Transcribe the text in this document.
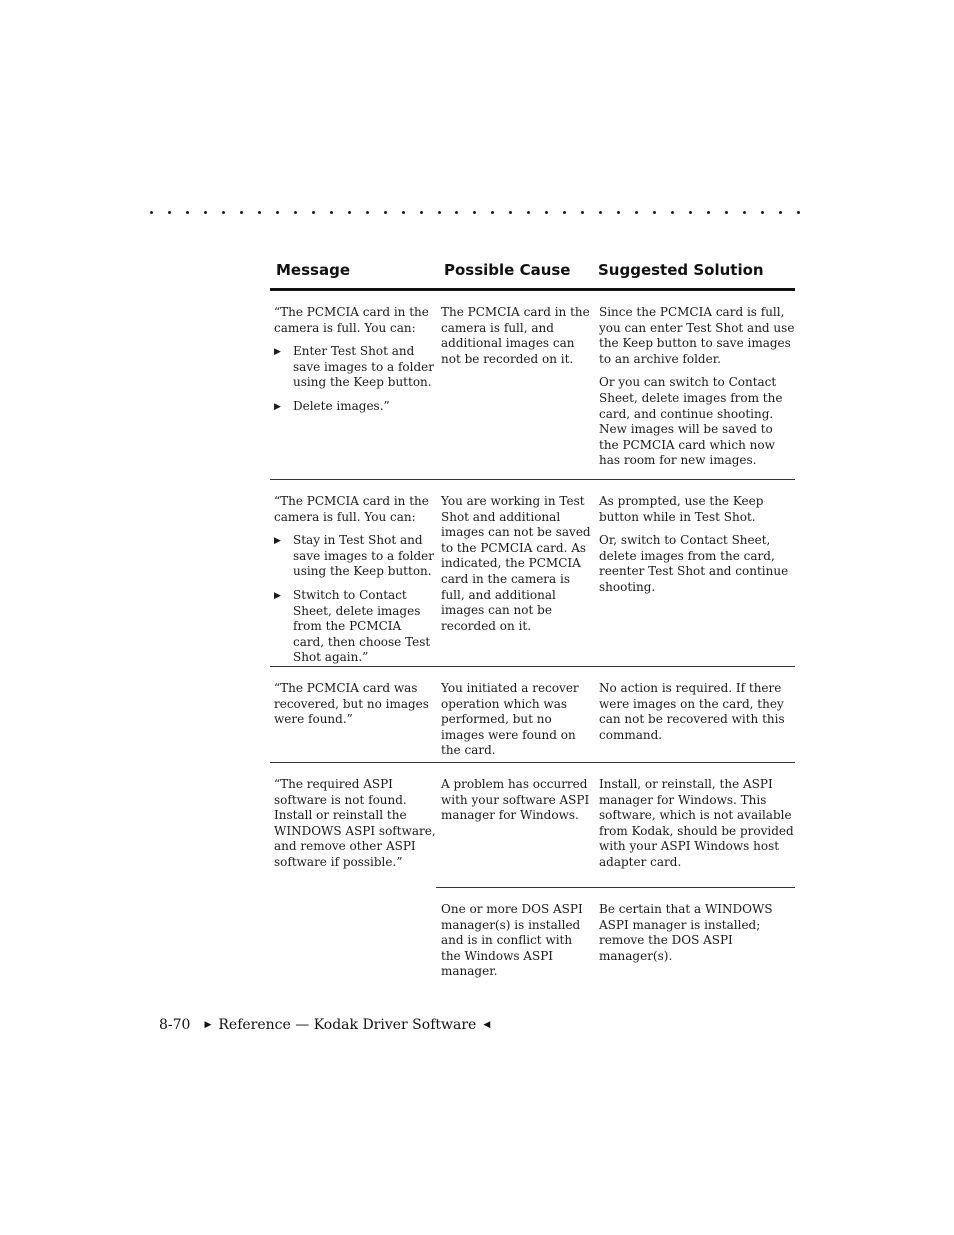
Message	Possible Cause	Suggested Solution
“The PCMCIA card in the camera is full. You can:
▶ Enter Test Shot and save images to a folder using the Keep button.
▶ Delete images.”
The PCMCIA card in the camera is full, and additional images can not be recorded on it.

Since the PCMCIA card is full, you can enter Test Shot and use the Keep button to save images to an archive folder.

Or you can switch to Contact Sheet, delete images from the card, and continue shooting. New images will be saved to the PCMCIA card which now has room for new images.

“The PCMCIA card in the camera is full. You can:
▶ Stay in Test Shot and save images to a folder using the Keep button.
▶ Stwitch to Contact Sheet, delete images from the PCMCIA card, then choose Test Shot again.”
You are working in Test Shot and additional images can not be saved to the PCMCIA card. As indicated, the PCMCIA card in the camera is full, and additional images can not be recorded on it.

As prompted, use the Keep button while in Test Shot.

Or, switch to Contact Sheet, delete images from the card, reenter Test Shot and continue shooting.

“The PCMCIA card was recovered, but no images were found.”
You initiated a recover operation which was performed, but no images were found on the card.

No action is required. If there were images on the card, they can not be recovered with this command.

“The required ASPI software is not found. Install or reinstall the WINDOWS ASPI software, and remove other ASPI software if possible.”
A problem has occurred with your software ASPI manager for Windows.

Install, or reinstall, the ASPI manager for Windows. This software, which is not available from Kodak, should be provided with your ASPI Windows host adapter card.

One or more DOS ASPI manager(s) is installed and is in conflict with the Windows ASPI manager.

Be certain that a WINDOWS ASPI manager is installed; remove the DOS ASPI manager(s).

8-70 ▶ Reference — Kodak Driver Software ◀
